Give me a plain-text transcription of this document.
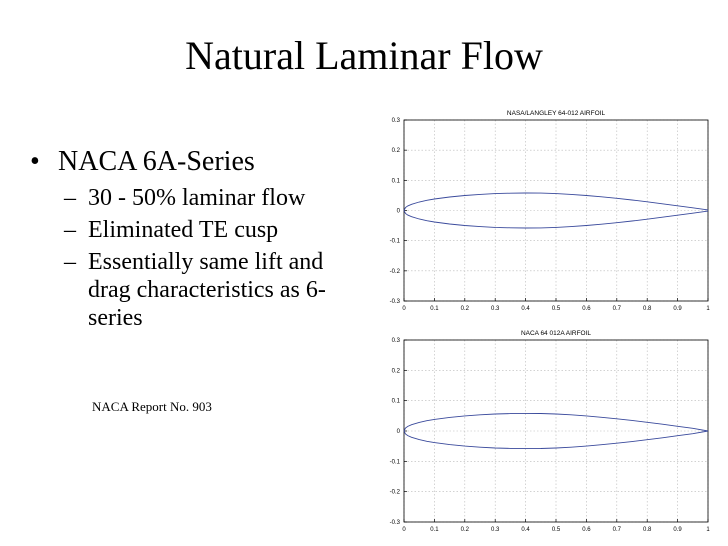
Natural Laminar Flow
• NACA 6A-Series
– 30 - 50% laminar flow
– Eliminated TE cusp
– Essentially same lift and drag characteristics as 6-series
NACA Report No. 903
NASA/LANGLEY 64-012 AIRFOIL
0	0.1	0.2	0.3	0.4	0.5	0.6	0.7	0.8	0.9	1
0.3
0.2
0.1
0
-0.1
-0.2
-0.3
NACA 64 012A AIRFOIL
0	0.1	0.2	0.3	0.4	0.5	0.6	0.7	0.8	0.9	1
0.3
0.2
0.1
0
-0.1
-0.2
-0.3
